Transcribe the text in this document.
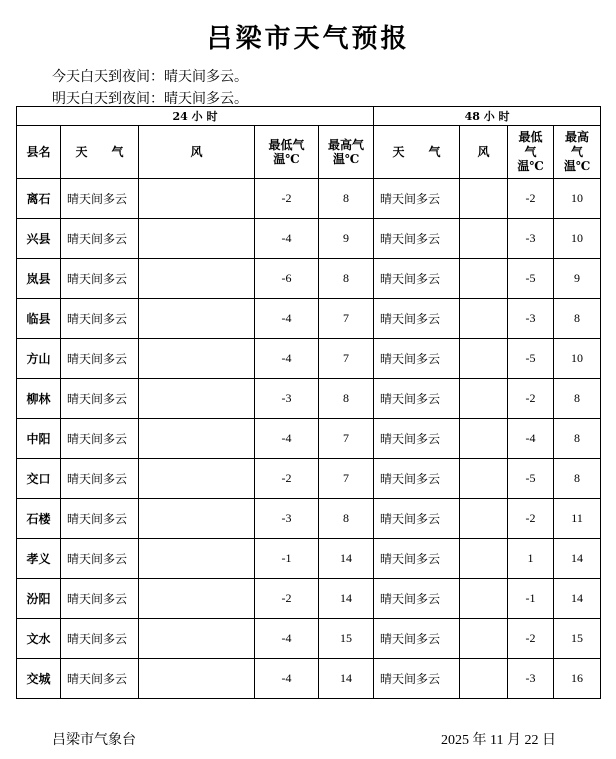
吕梁市天气预报
今天白天到夜间：晴天间多云。
明天白天到夜间：晴天间多云。
24 小 时					48 小 时			
县名	天　　气	风	最低气温℃	最高气温℃	天　　气	风	最低气温℃	最高气温℃
离石	晴天间多云		-2	8	晴天间多云		-2	10
兴县	晴天间多云		-4	9	晴天间多云		-3	10
岚县	晴天间多云		-6	8	晴天间多云		-5	9
临县	晴天间多云		-4	7	晴天间多云		-3	8
方山	晴天间多云		-4	7	晴天间多云		-5	10
柳林	晴天间多云		-3	8	晴天间多云		-2	8
中阳	晴天间多云		-4	7	晴天间多云		-4	8
交口	晴天间多云		-2	7	晴天间多云		-5	8
石楼	晴天间多云		-3	8	晴天间多云		-2	11
孝义	晴天间多云		-1	14	晴天间多云		1	14
汾阳	晴天间多云		-2	14	晴天间多云		-1	14
文水	晴天间多云		-4	15	晴天间多云		-2	15
交城	晴天间多云		-4	14	晴天间多云		-3	16
吕梁市气象台	2025 年 11 月 22 日
